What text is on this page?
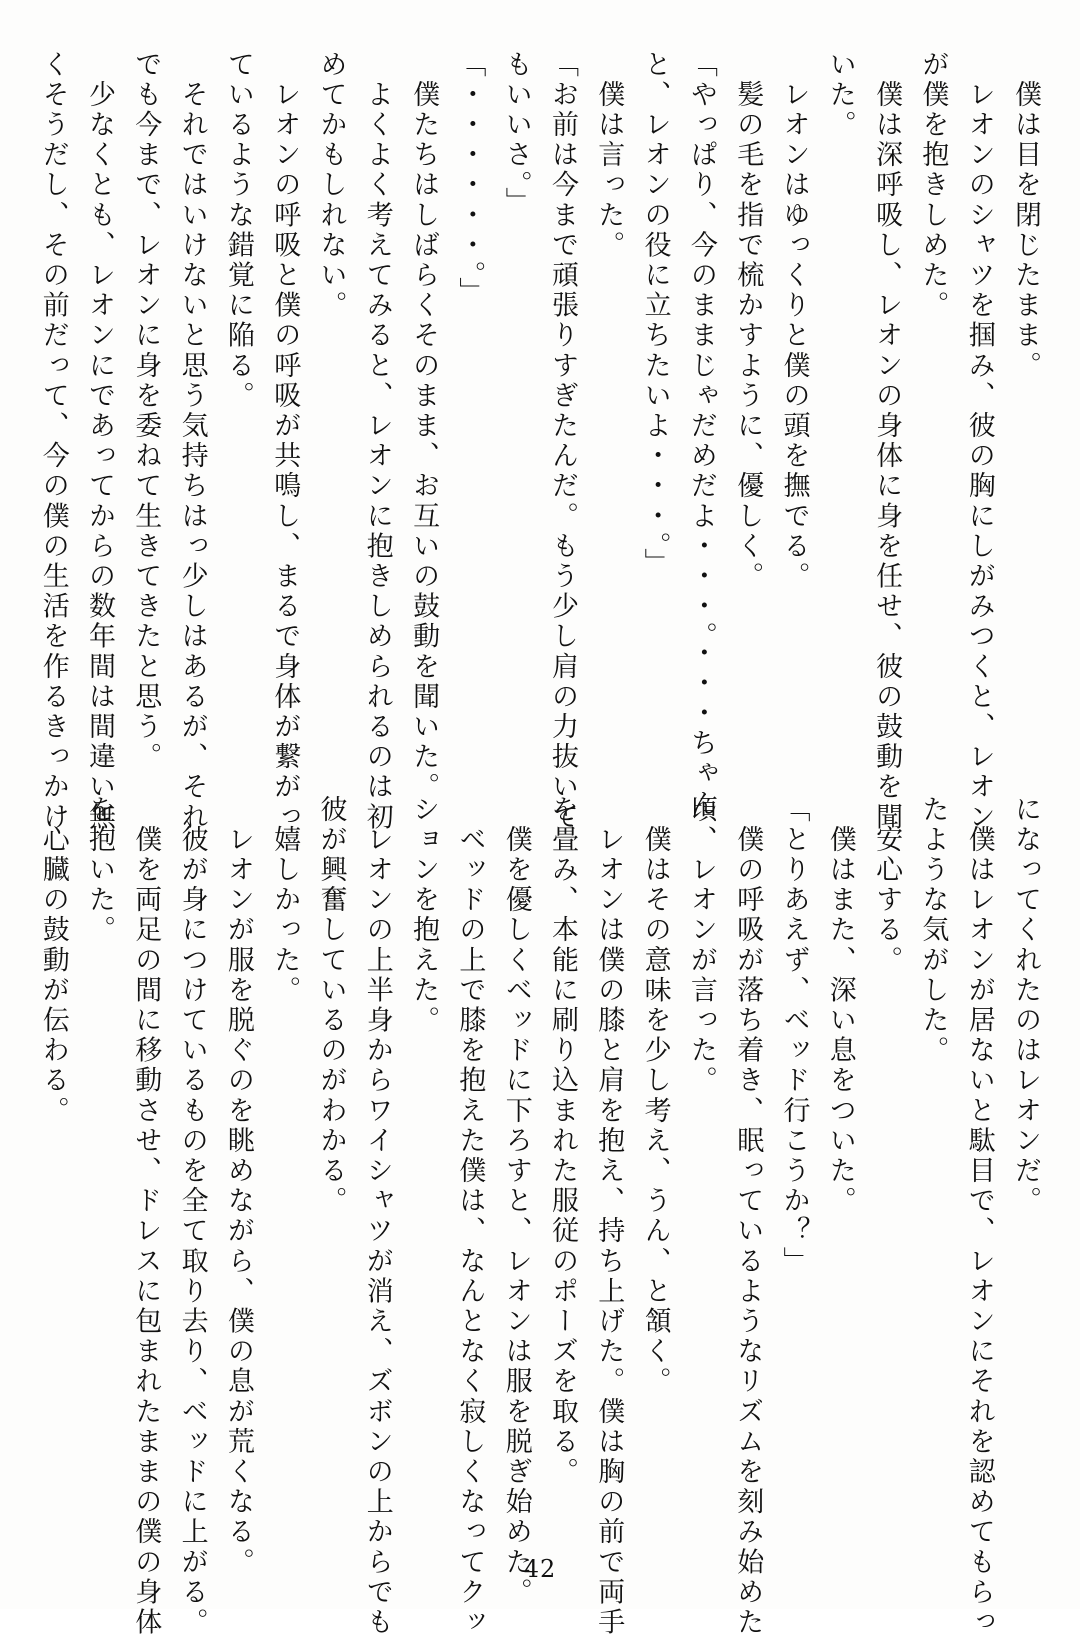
　僕は目を閉じたまま。

　レオンのシャツを掴み、彼の胸にしがみつくと、レオン

が僕を抱きしめた。

　僕は深呼吸し、レオンの身体に身を任せ、彼の鼓動を聞

いた。

　レオンはゆっくりと僕の頭を撫でる。

　髪の毛を指で梳かすように、優しく。

「やっぱり、今のままじゃだめだよ・・・。・・・ちゃん

と、レオンの役に立ちたいよ・・・。」

　僕は言った。

「お前は今まで頑張りすぎたんだ。もう少し肩の力抜いて

もいいさ。」

「・・・・・・。」

　僕たちはしばらくそのまま、お互いの鼓動を聞いた。

　よくよく考えてみると、レオンに抱きしめられるのは初

めてかもしれない。

　レオンの呼吸と僕の呼吸が共鳴し、まるで身体が繋がっ

ているような錯覚に陥る。

　それではいけないと思う気持ちはっ少しはあるが、それ

でも今まで、レオンに身を委ねて生きてきたと思う。

　少なくとも、レオンにであってからの数年間は間違い無

くそうだし、その前だって、今の僕の生活を作るきっかけ

になってくれたのはレオンだ。

　僕はレオンが居ないと駄目で、レオンにそれを認めてもらっ

たような気がした。

　安心する。

　僕はまた、深い息をついた。

「とりあえず、ベッド行こうか？」

　僕の呼吸が落ち着き、眠っているようなリズムを刻み始めた

頃、レオンが言った。

　僕はその意味を少し考え、うん、と頷く。

　レオンは僕の膝と肩を抱え、持ち上げた。僕は胸の前で両手

を畳み、本能に刷り込まれた服従のポーズを取る。

　僕を優しくベッドに下ろすと、レオンは服を脱ぎ始めた。

　ベッドの上で膝を抱えた僕は、なんとなく寂しくなってクッ

ションを抱えた。

　レオンの上半身からワイシャツが消え、ズボンの上からでも

彼が興奮しているのがわかる。

　嬉しかった。

　レオンが服を脱ぐのを眺めながら、僕の息が荒くなる。

　彼が身につけているものを全て取り去り、ベッドに上がる。

　僕を両足の間に移動させ、ドレスに包まれたままの僕の身体

を抱いた。

　心臓の鼓動が伝わる。

42
